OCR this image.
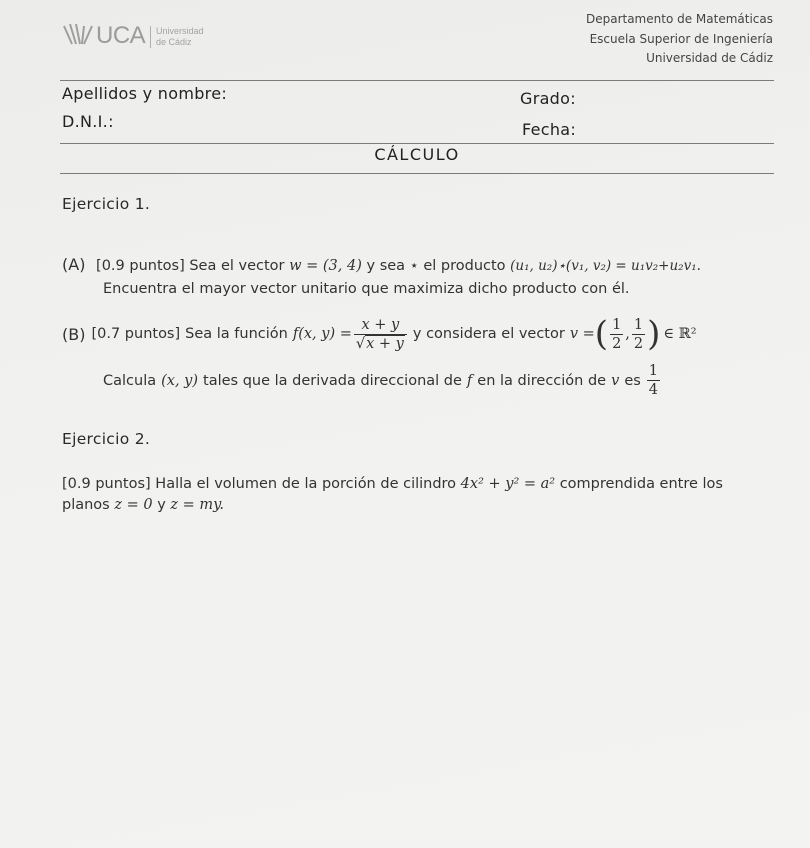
UCA Universidad
de Cádiz
Departamento de Matemáticas
Escuela Superior de Ingeniería
Universidad de Cádiz
Apellidos y nombre:	Grado:
D.N.I.:	Fecha:
CÁLCULO
Ejercicio 1.
(A) [0.9 puntos] Sea el vector w = (3, 4) y sea ⋆ el producto (u₁, u₂)⋆(v₁, v₂) = u₁v₂+u₂v₁.
Encuentra el mayor vector unitario que maximiza dicho producto con él.
(B) [0.7 puntos] Sea la función f(x, $y) = \frac{x + y}{√x + y}$ y considera el vector v = ( $\frac{1}{2}$ , $\frac{1}{2}$ ) ∈ ℝ²
Calcula (x, y) tales que la derivada direccional de f en la dirección de v es $\frac{1}{4}$
Ejercicio 2.
[0.9 puntos] Halla el volumen de la porción de cilindro 4x² + y² = a² comprendida entre los
planos z = 0 y z = my.
